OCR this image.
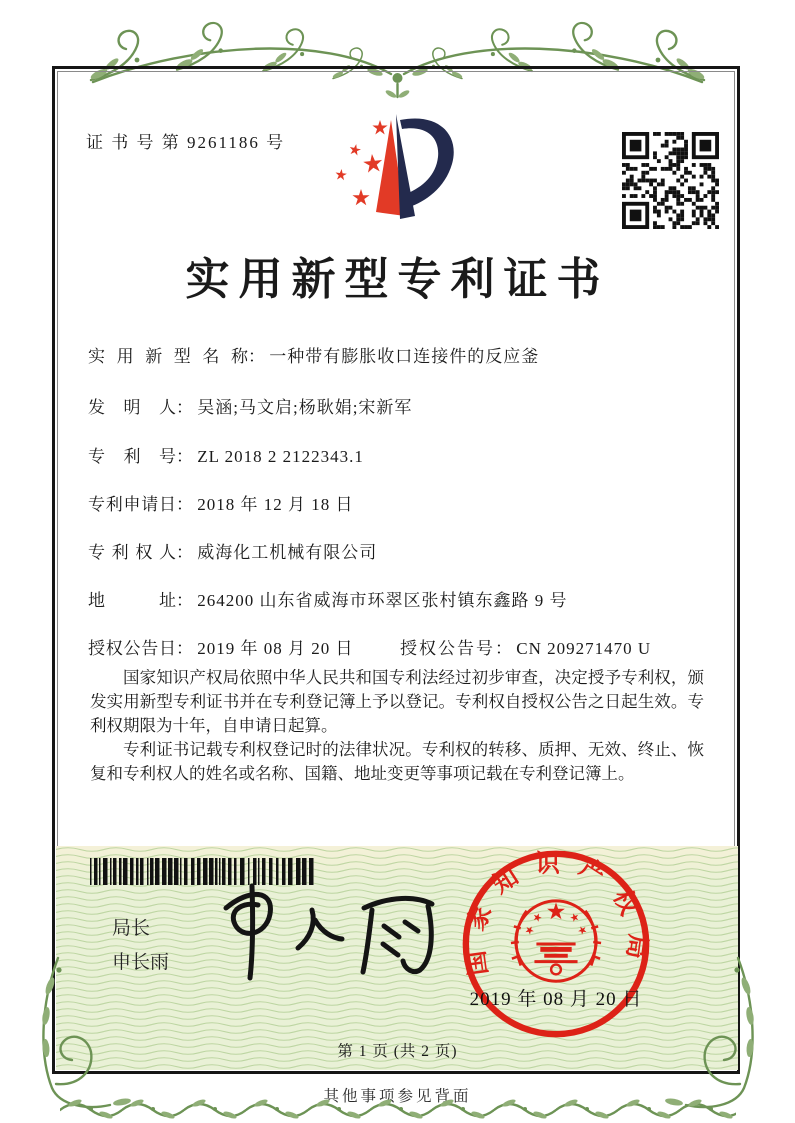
证 书 号 第 9261186 号
实用新型专利证书
实用新型名称： 一种带有膨胀收口连接件的反应釜
发明人： 吴涵;马文启;杨耿娟;宋新军
专利号： ZL 2018 2 2122343.1
专利申请日： 2018 年 12 月 18 日
专利权人： 威海化工机械有限公司
地址： 264200 山东省威海市环翠区张村镇东鑫路 9 号
授权公告日： 2019 年 08 月 20 日	授权公告号： CN 209271470 U

国家知识产权局依照中华人民共和国专利法经过初步审查，决定授予专利权，颁发实用新型专利证书并在专利登记簿上予以登记。专利权自授权公告之日起生效。专利权期限为十年，自申请日起算。

专利证书记载专利权登记时的法律状况。专利权的转移、质押、无效、终止、恢复和专利权人的姓名或名称、国籍、地址变更等事项记载在专利登记簿上。

局长
申长雨	国家知识产权局
2019 年 08 月 20 日
第 1 页 (共 2 页)
